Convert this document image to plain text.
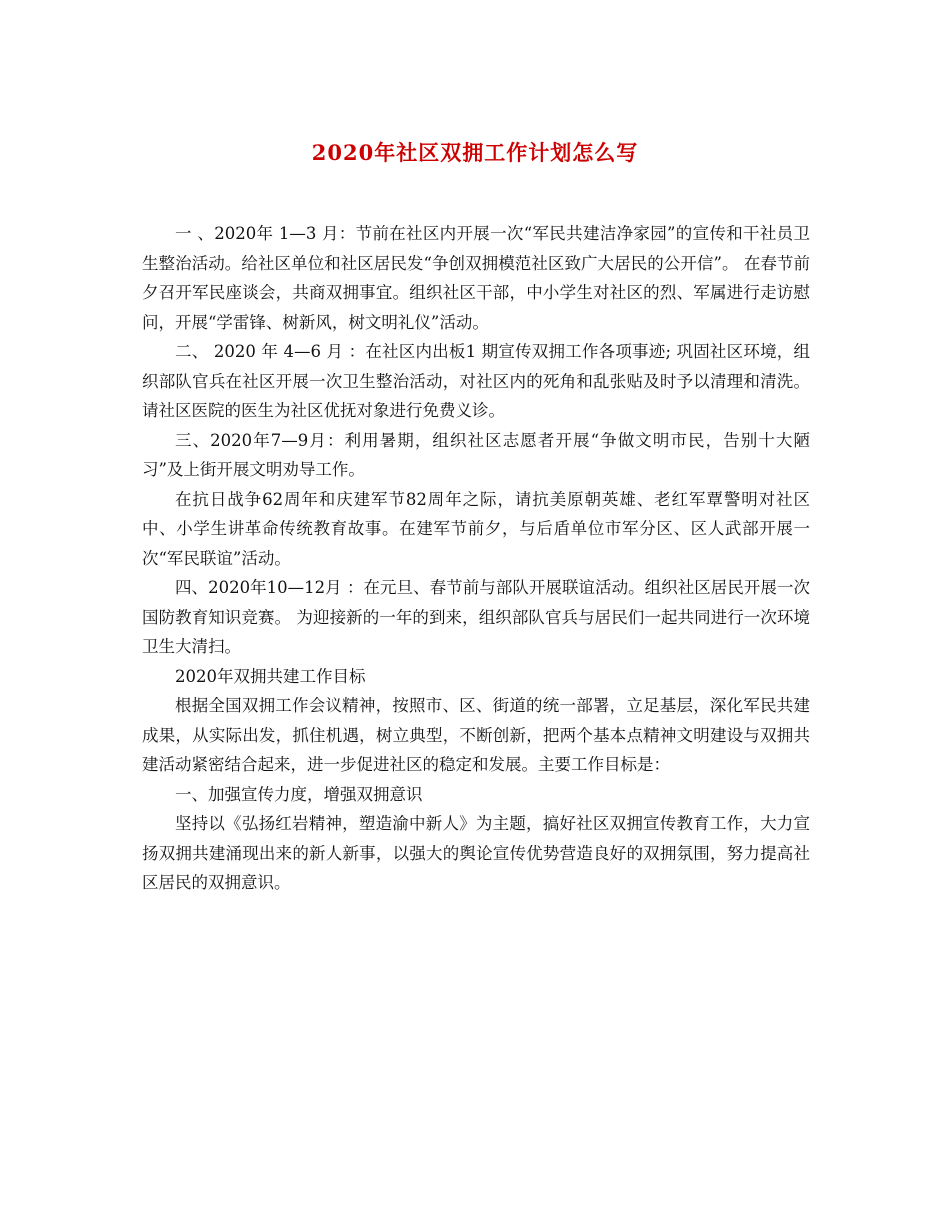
2020年社区双拥工作计划怎么写

一 、2020年 1—3 月：节前在社区内开展一次“军民共建洁净家园”的宣传和干社员卫生整治活动。给社区单位和社区居民发“争创双拥模范社区致广大居民的公开信”。 在春节前夕召开军民座谈会，共商双拥事宜。组织社区干部，中小学生对社区的烈、军属进行走访慰问，开展“学雷锋、树新风，树文明礼仪”活动。

二、 2020 年 4—6 月 ：在社区内出板1 期宣传双拥工作各项事迹; 巩固社区环境，组织部队官兵在社区开展一次卫生整治活动，对社区内的死角和乱张贴及时予以清理和清洗。 请社区医院的医生为社区优抚对象进行免费义诊。

三、2020年7—9月：利用暑期，组织社区志愿者开展“争做文明市民，告别十大陋习”及上街开展文明劝导工作。

在抗日战争62周年和庆建军节82周年之际，请抗美原朝英雄、老红军覃警明对社区中、小学生讲革命传统教育故事。在建军节前夕，与后盾单位市军分区、区人武部开展一次“军民联谊”活动。

四、2020年10—12月 ：在元旦、春节前与部队开展联谊活动。组织社区居民开展一次国防教育知识竞赛。 为迎接新的一年的到来，组织部队官兵与居民们一起共同进行一次环境卫生大清扫。

2020年双拥共建工作目标

根据全国双拥工作会议精神，按照市、区、街道的统一部署，立足基层，深化军民共建成果，从实际出发，抓住机遇，树立典型，不断创新，把两个基本点精神文明建设与双拥共建活动紧密结合起来，进一步促进社区的稳定和发展。主要工作目标是：

一、加强宣传力度，增强双拥意识

坚持以《弘扬红岩精神，塑造渝中新人》为主题，搞好社区双拥宣传教育工作，大力宣扬双拥共建涌现出来的新人新事，以强大的舆论宣传优势营造良好的双拥氛围，努力提高社区居民的双拥意识。
